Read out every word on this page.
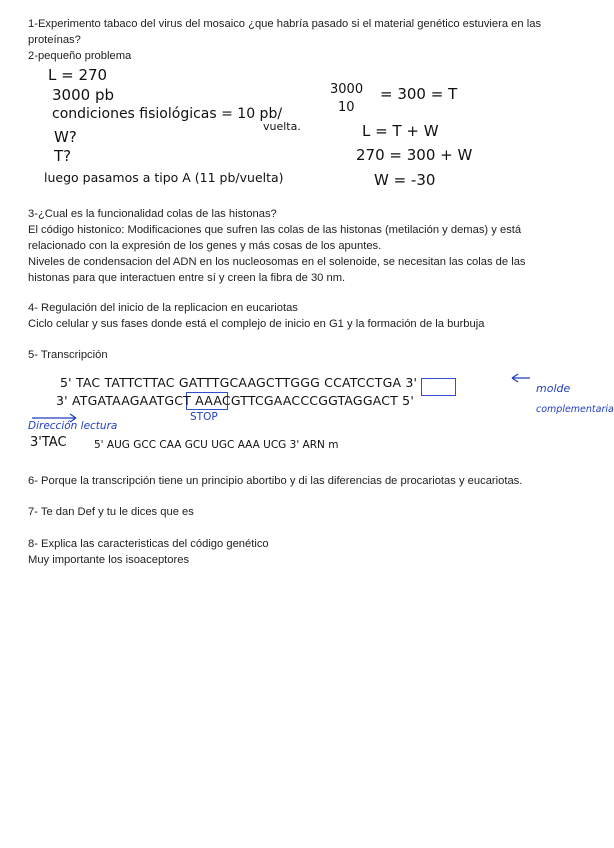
1-Experimento tabaco del virus del mosaico ¿que habría pasado si el material genético estuviera en las

proteínas?

2-pequeño problema

L = 270
3000 pb
condiciones fisiológicas = 10 pb/
vuelta.
W?
T?
luego pasamos a tipo A (11 pb/vuelta)
3000
10
= 300 = T
L = T + W
270 = 300 + W
W = -30

3-¿Cual es la funcionalidad colas de las histonas?

El código histonico: Modificaciones que sufren las colas de las histonas (metilación y demas) y está

relacionado con la expresión de los genes y más cosas de los apuntes.

Niveles de condensacion del ADN en los nucleosomas en el solenoide, se necesitan las colas de las

histonas para que interactuen entre sí y creen la fibra de 30 nm.

4- Regulación del inicio de la replicacion en eucariotas

Ciclo celular y sus fases donde está el complejo de inicio en G1 y la formación de la burbuja

5- Transcripción

5' TAC TATTCTTAC GATTTGCAAGCTTGGG CCATCCTGA 3'	molde
3' ATGATAAGAATGCT AAACGTTCGAACCCGGTAGGACT 5'
complementaria
STOP
Dirección lectura
3'TAC	5' AUG GCC CAA GCU UGC AAA UCG 3' ARN m

6- Porque la transcripción tiene un principio abortibo y di las diferencias de procariotas y eucariotas.

7- Te dan Def y tu le dices que es

8- Explica las caracteristicas del código genético

Muy importante los isoaceptores
